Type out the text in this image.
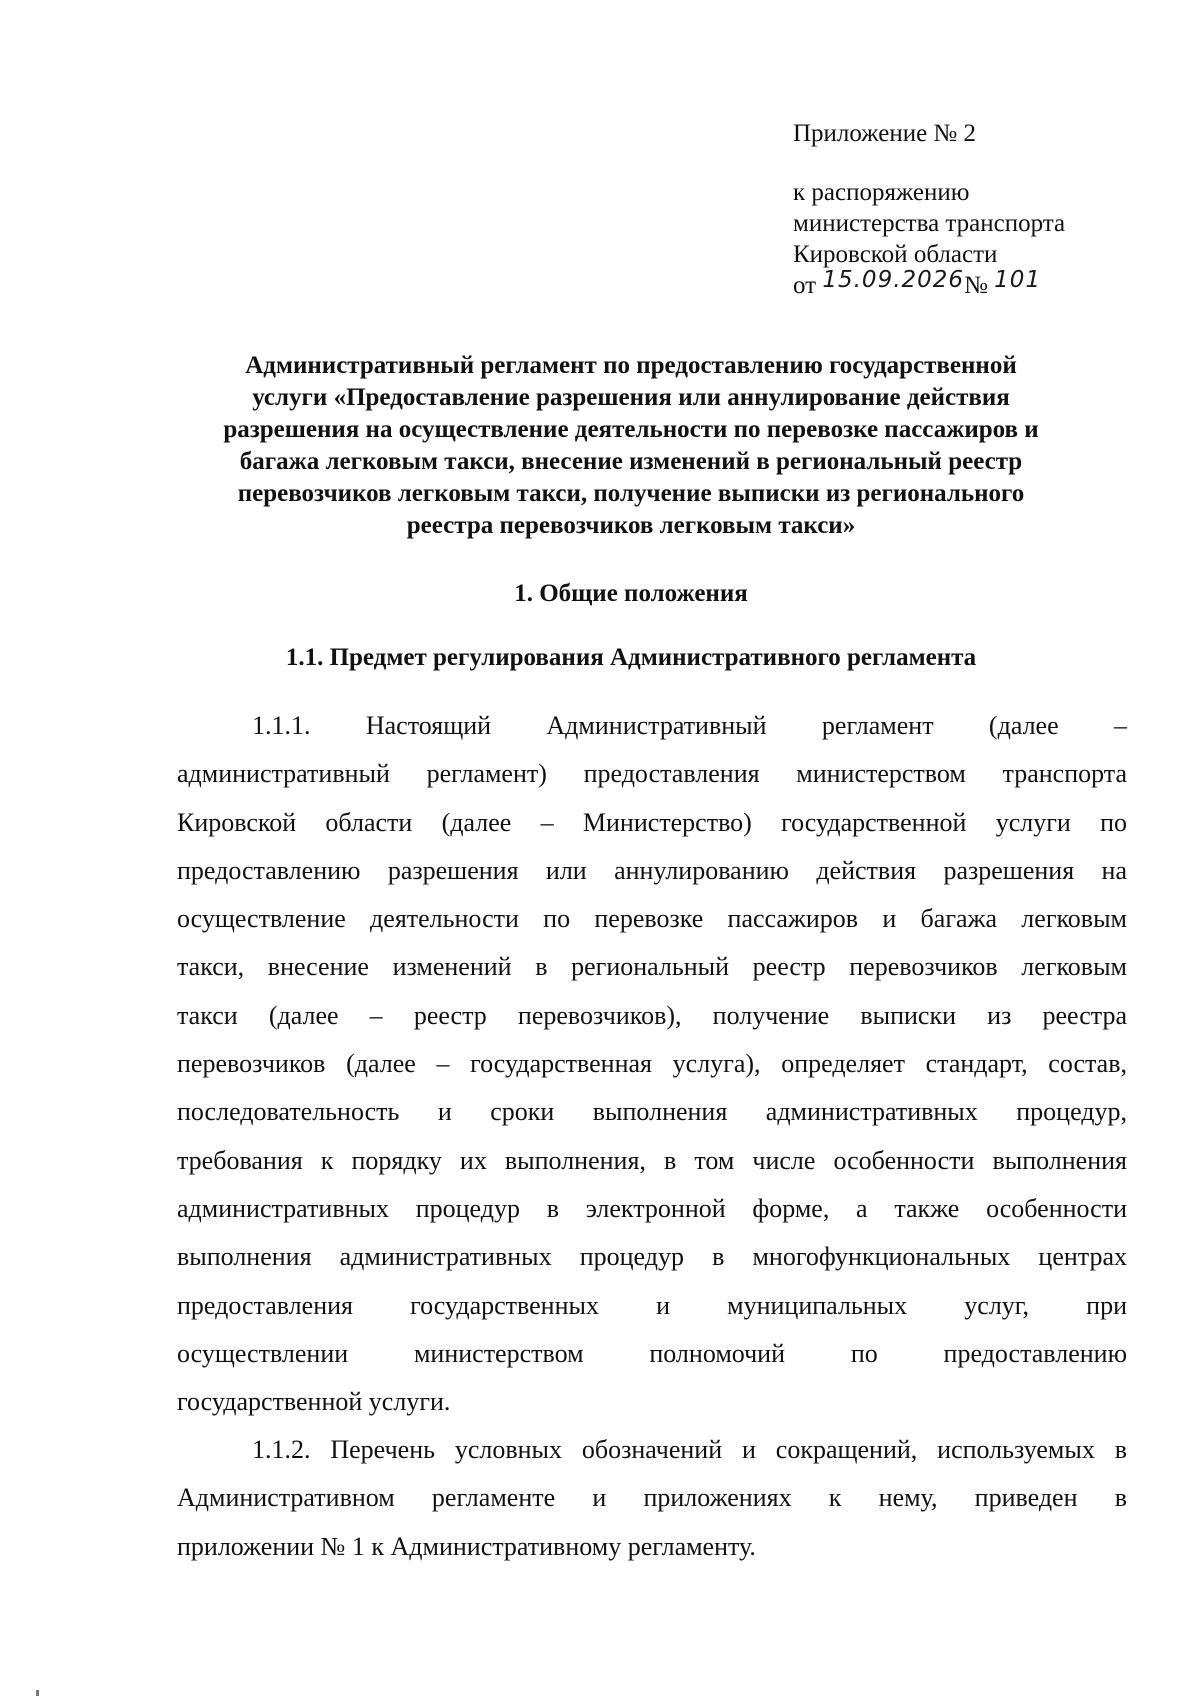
Приложение № 2
к распоряжению
министерства транспорта
Кировской области
от 15.09.2026№ 101
Административный регламент по предоставлению государственной
услуги «Предоставление разрешения или аннулирование действия
разрешения на осуществление деятельности по перевозке пассажиров и
багажа легковым такси, внесение изменений в региональный реестр
перевозчиков легковым такси, получение выписки из регионального
реестра перевозчиков легковым такси»
1. Общие положения
1.1. Предмет регулирования Административного регламента
1.1.1. Настоящий Административный регламент (далее –
административный регламент) предоставления министерством транспорта
Кировской области (далее – Министерство) государственной услуги по
предоставлению разрешения или аннулированию действия разрешения на
осуществление деятельности по перевозке пассажиров и багажа легковым
такси, внесение изменений в региональный реестр перевозчиков легковым
такси (далее – реестр перевозчиков), получение выписки из реестра
перевозчиков (далее – государственная услуга), определяет стандарт, состав,
последовательность и сроки выполнения административных процедур,
требования к порядку их выполнения, в том числе особенности выполнения
административных процедур в электронной форме, а также особенности
выполнения административных процедур в многофункциональных центрах
предоставления государственных и муниципальных услуг, при
осуществлении министерством полномочий по предоставлению
государственной услуги.
1.1.2. Перечень условных обозначений и сокращений, используемых в
Административном регламенте и приложениях к нему, приведен в
приложении № 1 к Административному регламенту.
